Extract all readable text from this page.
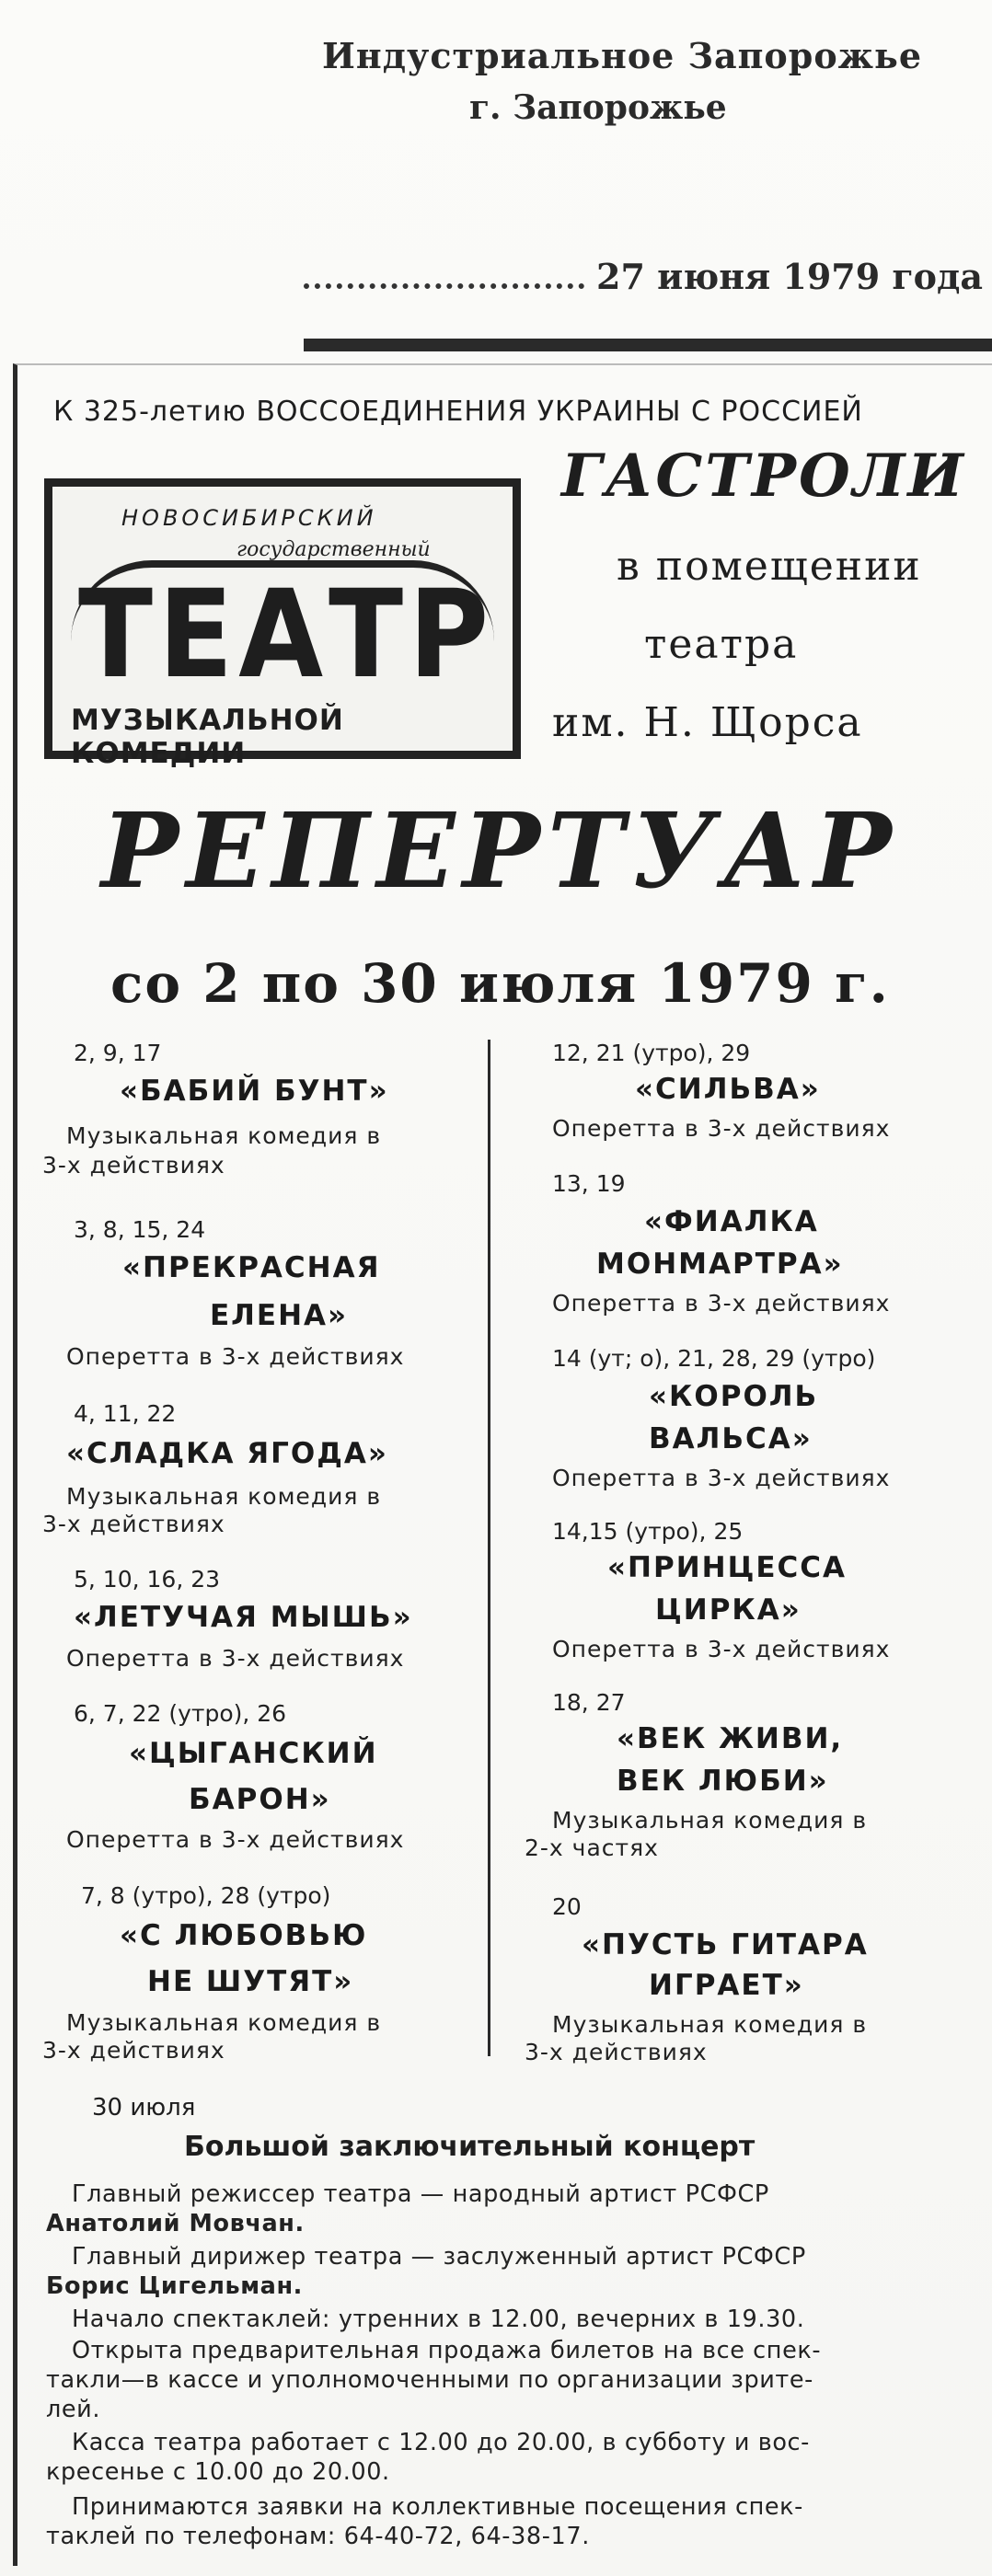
Индустриальное Запорожье
г. Запорожье
27 июня 1979 года
К 325-летию ВОССОЕДИНЕНИЯ УКРАИНЫ С РОССИЕЙ
НОВОСИБИРСКИЙ
государственный
ТЕАТР
МУЗЫКАЛЬНОЙ КОМЕДИИ
ГАСТРОЛИ
в помещении
театра
им. Н. Щорса
РЕПЕРТУАР
со 2 по 30 июля 1979 г.
2, 9, 17
«БАБИЙ БУНТ»
Музыкальная комедия в
3-х действиях
3, 8, 15, 24
«ПРЕКРАСНАЯ
ЕЛЕНА»
Оперетта в 3-х действиях
4, 11, 22
«СЛАДКА ЯГОДА»
Музыкальная комедия в
3-х действиях
5, 10, 16, 23
«ЛЕТУЧАЯ МЫШЬ»
Оперетта в 3-х действиях
6, 7, 22 (утро), 26
«ЦЫГАНСКИЙ
БАРОН»
Оперетта в 3-х действиях
7, 8 (утро), 28 (утро)
«С ЛЮБОВЬЮ
НЕ ШУТЯТ»
Музыкальная комедия в
3-х действиях
12, 21 (утро), 29
«СИЛЬВА»
Оперетта в 3-х действиях
13, 19
«ФИАЛКА
МОНМАРТРА»
Оперетта в 3-х действиях
14 (ут; о), 21, 28, 29 (утро)
«КОРОЛЬ
ВАЛЬСА»
Оперетта в 3-х действиях
14,15 (утро), 25
«ПРИНЦЕССА
ЦИРКА»
Оперетта в 3-х действиях
18, 27
«ВЕК ЖИВИ,
ВЕК ЛЮБИ»
Музыкальная комедия в
2-х частях
20
«ПУСТЬ ГИТАРА
ИГРАЕТ»
Музыкальная комедия в
3-х действиях
30 июля
Большой заключительный концерт
Главный режиссер театра — народный артист РСФСР
Анатолий Мовчан.
Главный дирижер театра — заслуженный артист РСФСР
Борис Цигельман.
Начало спектаклей: утренних в 12.00, вечерних в 19.30.
Открыта предварительная продажа билетов на все спек-
такли—в кассе и уполномоченными по организации зрите-
лей.
Касса театра работает с 12.00 до 20.00, в субботу и вос-
кресенье с 10.00 до 20.00.
Принимаются заявки на коллективные посещения спек-
таклей по телефонам: 64-40-72, 64-38-17.
